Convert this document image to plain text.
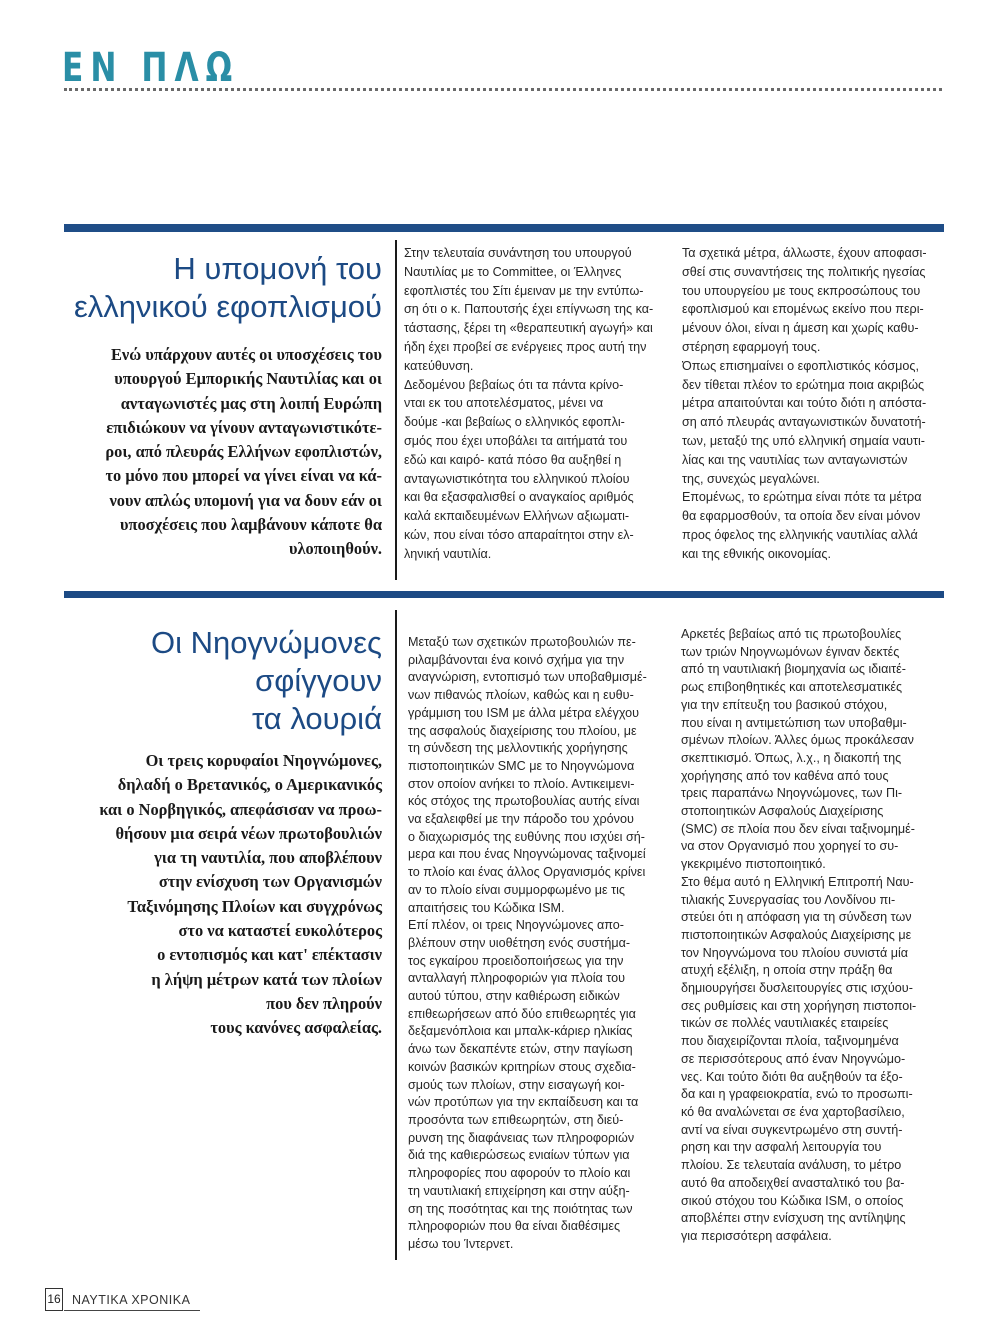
ΕΝ ΠΛΩ
Η υπομονή του
ελληνικού εφοπλισμού

Ενώ υπάρχουν αυτές οι υποσχέσεις του

υπουργού Εμπορικής Ναυτιλίας και οι

ανταγωνιστές μας στη λοιπή Ευρώπη

επιδιώκουν να γίνουν ανταγωνιστικότε-

ροι, από πλευράς Ελλήνων εφοπλιστών,

το μόνο που μπορεί να γίνει είναι να κά-

νουν απλώς υπομονή για να δουν εάν οι

υποσχέσεις που λαμβάνουν κάποτε θα

υλοποιηθούν.

Στην τελευταία συνάντηση του υπουργού
Ναυτιλίας με το Committee, οι Έλληνες
εφοπλιστές του Σίτι έμειναν με την εντύπω-
ση ότι ο κ. Παπουτσής έχει επίγνωση της κα-
τάστασης, ξέρει τη «θεραπευτική αγωγή» και
ήδη έχει προβεί σε ενέργειες προς αυτή την
κατεύθυνση.
Δεδομένου βεβαίως ότι τα πάντα κρίνο-
νται εκ του αποτελέσματος, μένει να
δούμε -και βεβαίως ο ελληνικός εφοπλι-
σμός που έχει υποβάλει τα αιτήματά του
εδώ και καιρό- κατά πόσο θα αυξηθεί η
ανταγωνιστικότητα του ελληνικού πλοίου
και θα εξασφαλισθεί ο αναγκαίος αριθμός
καλά εκπαιδευμένων Ελλήνων αξιωματι-
κών, που είναι τόσο απαραίτητοι στην ελ-
ληνική ναυτιλία.
Τα σχετικά μέτρα, άλλωστε, έχουν αποφασι-
σθεί στις συναντήσεις της πολιτικής ηγεσίας
του υπουργείου με τους εκπροσώπους του
εφοπλισμού και επομένως εκείνο που περι-
μένουν όλοι, είναι η άμεση και χωρίς καθυ-
στέρηση εφαρμογή τους.
Όπως επισημαίνει ο εφοπλιστικός κόσμος,
δεν τίθεται πλέον το ερώτημα ποια ακριβώς
μέτρα απαιτούνται και τούτο διότι η απόστα-
ση από πλευράς ανταγωνιστικών δυνατοτή-
των, μεταξύ της υπό ελληνική σημαία ναυτι-
λίας και της ναυτιλίας των ανταγωνιστών
της, συνεχώς μεγαλώνει.
Επομένως, το ερώτημα είναι πότε τα μέτρα
θα εφαρμοσθούν, τα οποία δεν είναι μόνον
προς όφελος της ελληνικής ναυτιλίας αλλά
και της εθνικής οικονομίας.
Οι Νηογνώμονες
σφίγγουν
τα λουριά

Οι τρεις κορυφαίοι Νηογνώμονες,

δηλαδή ο Βρετανικός, ο Αμερικανικός

και ο Νορβηγικός, απεφάσισαν να προω-

θήσουν μια σειρά νέων πρωτοβουλιών

για τη ναυτιλία, που αποβλέπουν

στην ενίσχυση των Οργανισμών

Ταξινόμησης Πλοίων και συγχρόνως

στο να καταστεί ευκολότερος

ο εντοπισμός και κατ' επέκτασιν

η λήψη μέτρων κατά των πλοίων

που δεν πληρούν

τους κανόνες ασφαλείας.

Μεταξύ των σχετικών πρωτοβουλιών πε-
ριλαμβάνονται ένα κοινό σχήμα για την
αναγνώριση, εντοπισμό των υποβαθμισμέ-
νων πιθανώς πλοίων, καθώς και η ευθυ-
γράμμιση του ISM με άλλα μέτρα ελέγχου
της ασφαλούς διαχείρισης του πλοίου, με
τη σύνδεση της μελλοντικής χορήγησης
πιστοποιητικών SMC με το Νηογνώμονα
στον οποίον ανήκει το πλοίο. Αντικειμενι-
κός στόχος της πρωτοβουλίας αυτής είναι
να εξαλειφθεί με την πάροδο του χρόνου
ο διαχωρισμός της ευθύνης που ισχύει σή-
μερα και που ένας Νηογνώμονας ταξινομεί
το πλοίο και ένας άλλος Οργανισμός κρίνει
αν το πλοίο είναι συμμορφωμένο με τις
απαιτήσεις του Κώδικα ISM.
Επί πλέον, οι τρεις Νηογνώμονες απο-
βλέπουν στην υιοθέτηση ενός συστήμα-
τος εγκαίρου προειδοποιήσεως για την
ανταλλαγή πληροφοριών για πλοία του
αυτού τύπου, στην καθιέρωση ειδικών
επιθεωρήσεων από δύο επιθεωρητές για
δεξαμενόπλοια και μπαλκ-κάριερ ηλικίας
άνω των δεκαπέντε ετών, στην παγίωση
κοινών βασικών κριτηρίων στους σχεδια-
σμούς των πλοίων, στην εισαγωγή κοι-
νών προτύπων για την εκπαίδευση και τα
προσόντα των επιθεωρητών, στη διεύ-
ρυνση της διαφάνειας των πληροφοριών
διά της καθιερώσεως ενιαίων τύπων για
πληροφορίες που αφορούν το πλοίο και
τη ναυτιλιακή επιχείρηση και στην αύξη-
ση της ποσότητας και της ποιότητας των
πληροφοριών που θα είναι διαθέσιμες
μέσω του Ίντερνετ.
Αρκετές βεβαίως από τις πρωτοβουλίες
των τριών Νηογνωμόνων έγιναν δεκτές
από τη ναυτιλιακή βιομηχανία ως ιδιαιτέ-
ρως επιβοηθητικές και αποτελεσματικές
για την επίτευξη του βασικού στόχου,
που είναι η αντιμετώπιση των υποβαθμι-
σμένων πλοίων. Άλλες όμως προκάλεσαν
σκεπτικισμό. Όπως, λ.χ., η διακοπή της
χορήγησης από τον καθένα από τους
τρεις παραπάνω Νηογνώμονες, των Πι-
στοποιητικών Ασφαλούς Διαχείρισης
(SMC) σε πλοία που δεν είναι ταξινομημέ-
να στον Οργανισμό που χορηγεί το συ-
γκεκριμένο πιστοποιητικό.
Στο θέμα αυτό η Ελληνική Επιτροπή Ναυ-
τιλιακής Συνεργασίας του Λονδίνου πι-
στεύει ότι η απόφαση για τη σύνδεση των
πιστοποιητικών Ασφαλούς Διαχείρισης με
τον Νηογνώμονα του πλοίου συνιστά μία
ατυχή εξέλιξη, η οποία στην πράξη θα
δημιουργήσει δυσλειτουργίες στις ισχύου-
σες ρυθμίσεις και στη χορήγηση πιστοποι-
τικών σε πολλές ναυτιλιακές εταιρείες
που διαχειρίζονται πλοία, ταξινομημένα
σε περισσότερους από έναν Νηογνώμο-
νες. Και τούτο διότι θα αυξηθούν τα έξο-
δα και η γραφειοκρατία, ενώ το προσωπι-
κό θα αναλώνεται σε ένα χαρτοβασίλειο,
αντί να είναι συγκεντρωμένο στη συντή-
ρηση και την ασφαλή λειτουργία του
πλοίου. Σε τελευταία ανάλυση, το μέτρο
αυτό θα αποδειχθεί ανασταλτικό του βα-
σικού στόχου του Κώδικα ISM, ο οποίος
αποβλέπει στην ενίσχυση της αντίληψης
για περισσότερη ασφάλεια.
16 ΝΑΥΤΙΚΑ ΧΡΟΝΙΚΑ
